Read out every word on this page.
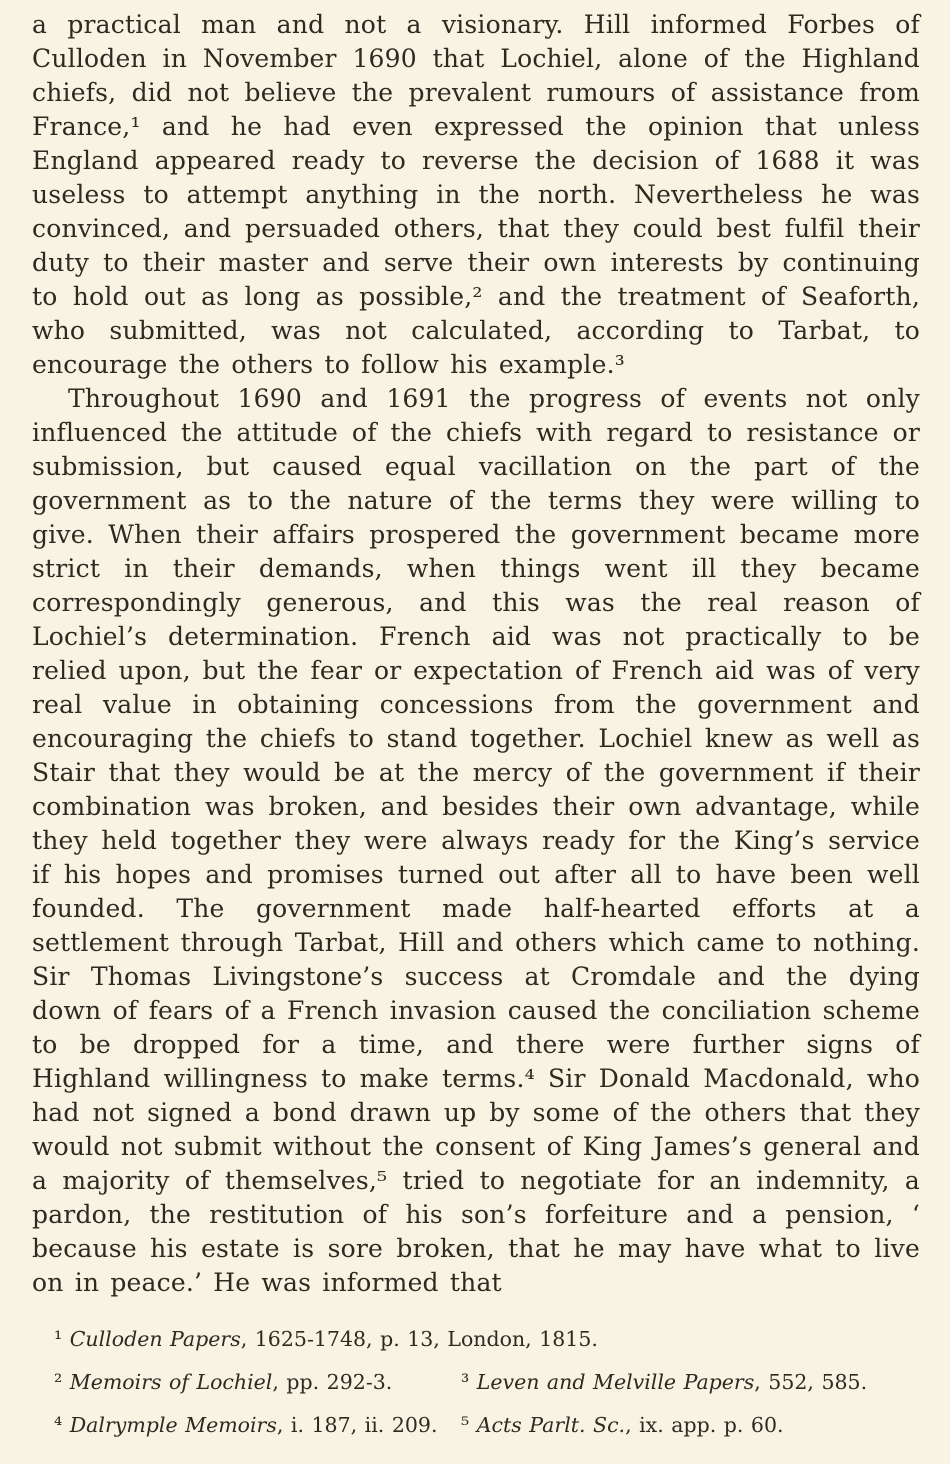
a practical man and not a visionary. Hill informed Forbes of Culloden in November 1690 that Lochiel, alone of the Highland chiefs, did not believe the prevalent rumours of assistance from France,¹ and he had even expressed the opinion that unless England appeared ready to reverse the decision of 1688 it was useless to attempt anything in the north. Nevertheless he was convinced, and persuaded others, that they could best fulfil their duty to their master and serve their own interests by continuing to hold out as long as possible,² and the treatment of Seaforth, who submitted, was not calculated, according to Tarbat, to encourage the others to follow his example.³

Throughout 1690 and 1691 the progress of events not only influenced the attitude of the chiefs with regard to resistance or submission, but caused equal vacillation on the part of the government as to the nature of the terms they were willing to give. When their affairs prospered the government became more strict in their demands, when things went ill they became correspondingly generous, and this was the real reason of Lochiel’s determination. French aid was not practically to be relied upon, but the fear or expectation of French aid was of very real value in obtaining concessions from the government and encouraging the chiefs to stand together. Lochiel knew as well as Stair that they would be at the mercy of the government if their combination was broken, and besides their own advantage, while they held together they were always ready for the King’s service if his hopes and promises turned out after all to have been well founded. The government made half-hearted efforts at a settlement through Tarbat, Hill and others which came to nothing. Sir Thomas Livingstone’s success at Cromdale and the dying down of fears of a French invasion caused the conciliation scheme to be dropped for a time, and there were further signs of Highland willingness to make terms.⁴ Sir Donald Macdonald, who had not signed a bond drawn up by some of the others that they would not submit without the consent of King James’s general and a majority of themselves,⁵ tried to negotiate for an indemnity, a pardon, the restitution of his son’s forfeiture and a pension, ‘ because his estate is sore broken, that he may have what to live on in peace.’ He was informed that

¹ Culloden Papers, 1625-1748, p. 13, London, 1815.
² Memoirs of Lochiel, pp. 292-3.	³ Leven and Melville Papers, 552, 585.
⁴ Dalrymple Memoirs, i. 187, ii. 209.	⁵ Acts Parlt. Sc., ix. app. p. 60.
